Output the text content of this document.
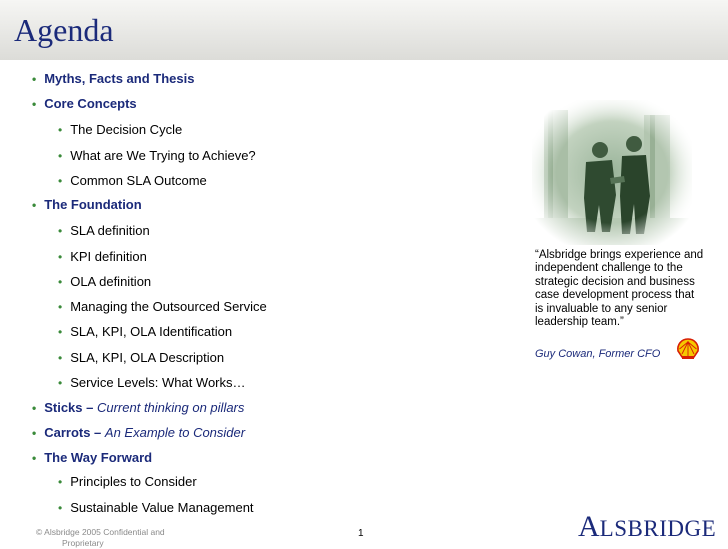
Agenda
• Myths, Facts and Thesis
• Core Concepts
• The Decision Cycle
• What are We Trying to Achieve?
• Common SLA Outcome
• The Foundation
• SLA definition
• KPI definition
• OLA definition
• Managing the Outsourced Service
• SLA, KPI, OLA Identification
• SLA, KPI, OLA Description
• Service Levels: What Works…
• Sticks – Current thinking on pillars
• Carrots – An Example to Consider
• The Way Forward
• Principles to Consider
• Sustainable Value Management
“Alsbridge brings experience and independent challenge to the strategic decision and business case development process that is invaluable to any senior leadership team.”
Guy Cowan, Former CFO
© Alsbridge 2005 Confidential and
Proprietary
1	ALSBRIDGE
